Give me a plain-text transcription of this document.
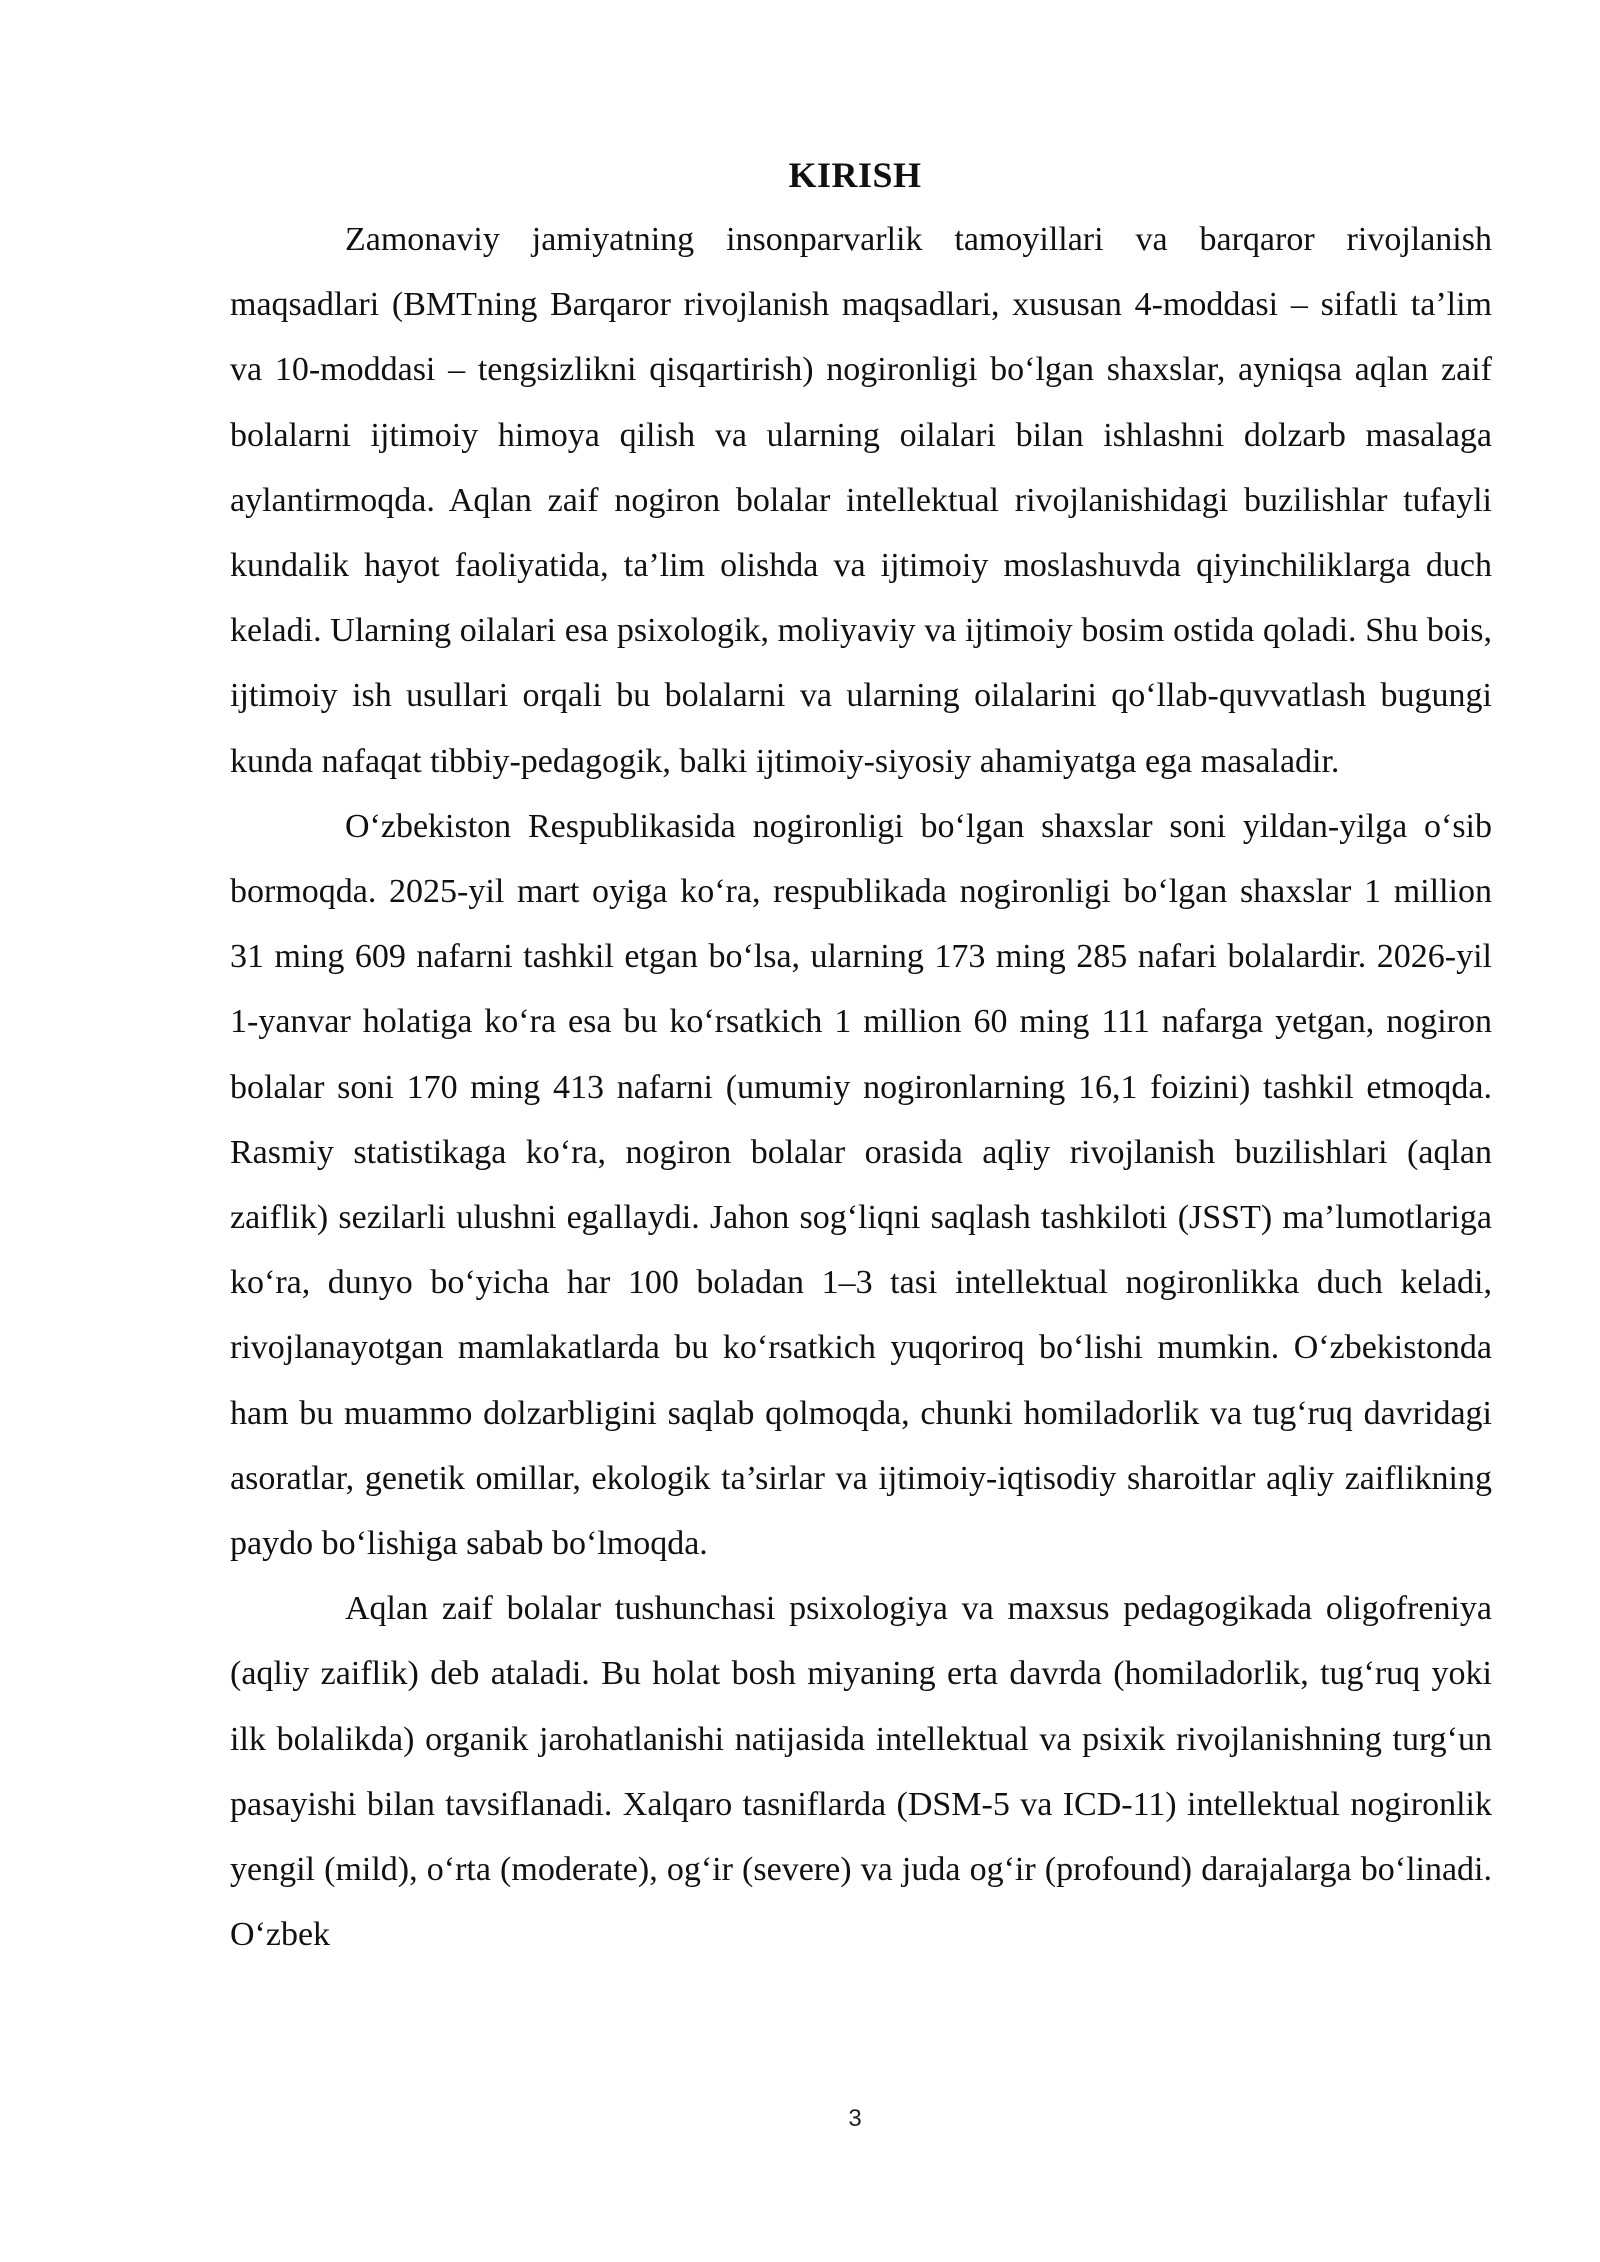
KIRISH

Zamonaviy jamiyatning insonparvarlik tamoyillari va barqaror rivojlanish maqsadlari (BMTning Barqaror rivojlanish maqsadlari, xususan 4-moddasi – sifatli ta’lim va 10-moddasi – tengsizlikni qisqartirish) nogironligi bo‘lgan shaxslar, ayniqsa aqlan zaif bolalarni ijtimoiy himoya qilish va ularning oilalari bilan ishlashni dolzarb masalaga aylantirmoqda. Aqlan zaif nogiron bolalar intellektual rivojlanishidagi buzilishlar tufayli kundalik hayot faoliyatida, ta’lim olishda va ijtimoiy moslashuvda qiyinchiliklarga duch keladi. Ularning oilalari esa psixologik, moliyaviy va ijtimoiy bosim ostida qoladi. Shu bois, ijtimoiy ish usullari orqali bu bolalarni va ularning oilalarini qo‘llab-quvvatlash bugungi kunda nafaqat tibbiy-pedagogik, balki ijtimoiy-siyosiy ahamiyatga ega masaladir.

O‘zbekiston Respublikasida nogironligi bo‘lgan shaxslar soni yildan-yilga o‘sib bormoqda. 2025-yil mart oyiga ko‘ra, respublikada nogironligi bo‘lgan shaxslar 1 million 31 ming 609 nafarni tashkil etgan bo‘lsa, ularning 173 ming 285 nafari bolalardir. 2026-yil 1-yanvar holatiga ko‘ra esa bu ko‘rsatkich 1 million 60 ming 111 nafarga yetgan, nogiron bolalar soni 170 ming 413 nafarni (umumiy nogironlarning 16,1 foizini) tashkil etmoqda. Rasmiy statistikaga ko‘ra, nogiron bolalar orasida aqliy rivojlanish buzilishlari (aqlan zaiflik) sezilarli ulushni egallaydi. Jahon sog‘liqni saqlash tashkiloti (JSST) ma’lumotlariga ko‘ra, dunyo bo‘yicha har 100 boladan 1–3 tasi intellektual nogironlikka duch keladi, rivojlanayotgan mamlakatlarda bu ko‘rsatkich yuqoriroq bo‘lishi mumkin. O‘zbekistonda ham bu muammo dolzarbligini saqlab qolmoqda, chunki homiladorlik va tug‘ruq davridagi asoratlar, genetik omillar, ekologik ta’sirlar va ijtimoiy-iqtisodiy sharoitlar aqliy zaiflikning paydo bo‘lishiga sabab bo‘lmoqda.

Aqlan zaif bolalar tushunchasi psixologiya va maxsus pedagogikada oligofreniya (aqliy zaiflik) deb ataladi. Bu holat bosh miyaning erta davrda (homiladorlik, tug‘ruq yoki ilk bolalikda) organik jarohatlanishi natijasida intellektual va psixik rivojlanishning turg‘un pasayishi bilan tavsiflanadi. Xalqaro tasniflarda (DSM-5 va ICD-11) intellektual nogironlik yengil (mild), o‘rta (moderate), og‘ir (severe) va juda og‘ir (profound) darajalarga bo‘linadi. O‘zbek

3
